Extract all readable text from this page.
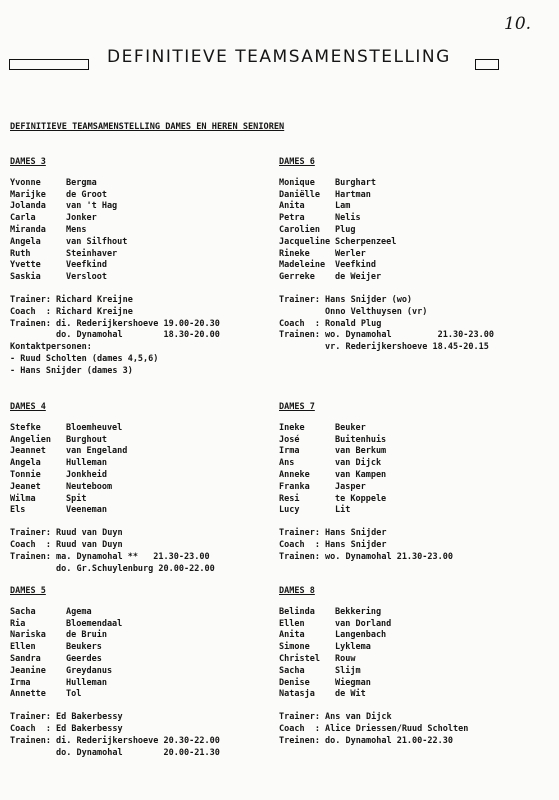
10.
DEFINITIEVE TEAMSAMENSTELLING
DEFINITIEVE TEAMSAMENSTELLING DAMES EN HEREN SENIOREN
DAMES 3
Yvonne	Bergma
Marijke	de Groot
Jolanda	van 't Hag
Carla	Jonker
Miranda	Mens
Angela	van Silfhout
Ruth	Steinhaver
Yvette	Veefkind
Saskia	Versloot
Trainer: Richard Kreijne
Coach  : Richard Kreijne
Trainen: di. Rederijkershoeve 19.00-20.30
do. Dynamohal        18.30-20.00
Kontaktpersonen:
- Ruud Scholten (dames 4,5,6)
- Hans Snijder (dames 3)
DAMES 6
Monique	Burghart
Daniëlle	Hartman
Anita	Lam
Petra	Nelis
Carolien	Plug
Jacqueline Scherpenzeel
Rineke	Werler
Madeleine	Veefkind
Gerreke	de Weijer
Trainer: Hans Snijder (wo)
Onno Velthuysen (vr)
Coach  : Ronald Plug
Trainen: wo. Dynamohal         21.30-23.00
vr. Rederijkershoeve 18.45-20.15
DAMES 4
Stefke	Bloemheuvel
Angelien	Burghout
Jeannet	van Engeland
Angela	Hulleman
Tonnie	Jonkheid
Jeanet	Neuteboom
Wilma	Spit
Els	Veeneman
Trainer: Ruud van Duyn
Coach  : Ruud van Duyn
Trainen: ma. Dynamohal **   21.30-23.00
do. Gr.Schuylenburg 20.00-22.00
DAMES 7
Ineke	Beuker
José	Buitenhuis
Irma	van Berkum
Ans	van Dijck
Anneke	van Kampen
Franka	Jasper
Resi	te Koppele
Lucy	Lit
Trainer: Hans Snijder
Coach  : Hans Snijder
Trainen: wo. Dynamohal 21.30-23.00
DAMES 5
Sacha	Agema
Ria	Bloemendaal
Nariska	de Bruin
Ellen	Beukers
Sandra	Geerdes
Jeanine	Greydanus
Irma	Hulleman
Annette	Tol
Trainer: Ed Bakerbessy
Coach  : Ed Bakerbessy
Trainen: di. Rederijkershoeve 20.30-22.00
do. Dynamohal        20.00-21.30
DAMES 8
Belinda	Bekkering
Ellen	van Dorland
Anita	Langenbach
Simone	Lyklema
Christel	Rouw
Sacha	Slijm
Denise	Wiegman
Natasja	de Wit
Trainer: Ans van Dijck
Coach  : Alice Driessen/Ruud Scholten
Treinen: do. Dynamohal 21.00-22.30
